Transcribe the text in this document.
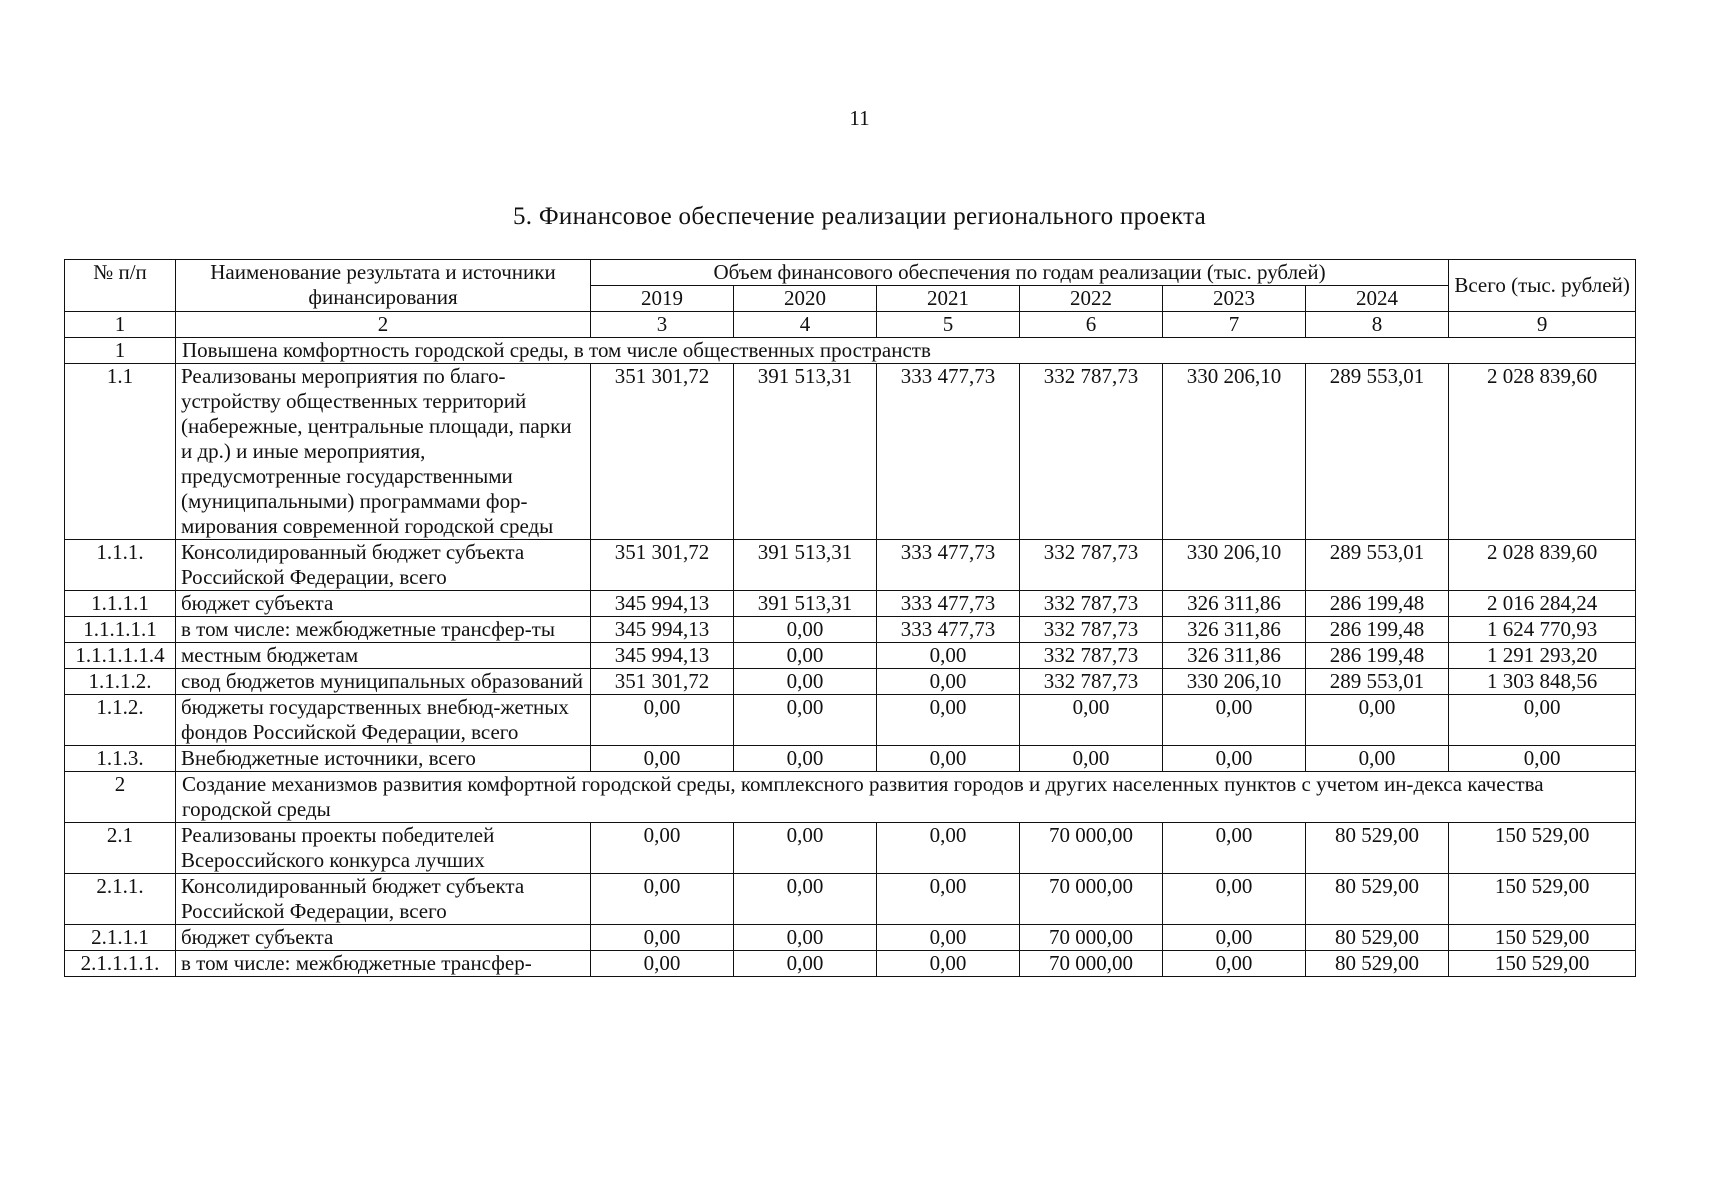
11
5. Финансовое обеспечение реализации регионального проекта
№ п/п	Наименование результата и источники финансирования	Объем финансового обеспечения по годам реализации (тыс. рублей)						Всего (тыс. рублей)
		2019	2020	2021	2022	2023	2024	
1	2	3	4	5	6	7	8	9
1	Повышена комфортность городской среды, в том числе общественных пространств							
1.1	Реализованы мероприятия по благо-устройству общественных территорий (набережные, центральные площади, парки и др.) и иные мероприятия, предусмотренные государственными (муниципальными) программами фор-мирования современной городской среды	351 301,72	391 513,31	333 477,73	332 787,73	330 206,10	289 553,01	2 028 839,60
1.1.1.	Консолидированный бюджет субъекта Российской Федерации, всего	351 301,72	391 513,31	333 477,73	332 787,73	330 206,10	289 553,01	2 028 839,60
1.1.1.1	бюджет субъекта	345 994,13	391 513,31	333 477,73	332 787,73	326 311,86	286 199,48	2 016 284,24
1.1.1.1.1	в том числе: межбюджетные трансфер-ты	345 994,13	0,00	333 477,73	332 787,73	326 311,86	286 199,48	1 624 770,93
1.1.1.1.1.4	местным бюджетам	345 994,13	0,00	0,00	332 787,73	326 311,86	286 199,48	1 291 293,20
1.1.1.2.	свод бюджетов муниципальных образований	351 301,72	0,00	0,00	332 787,73	330 206,10	289 553,01	1 303 848,56
1.1.2.	бюджеты государственных внебюд-жетных фондов Российской Федерации, всего	0,00	0,00	0,00	0,00	0,00	0,00	0,00
1.1.3.	Внебюджетные источники, всего	0,00	0,00	0,00	0,00	0,00	0,00	0,00
2	Создание механизмов развития комфортной городской среды, комплексного развития городов и других населенных пунктов с учетом ин-декса качества городской среды							
2.1	Реализованы проекты победителей Всероссийского конкурса лучших	0,00	0,00	0,00	70 000,00	0,00	80 529,00	150 529,00
2.1.1.	Консолидированный бюджет субъекта Российской Федерации, всего	0,00	0,00	0,00	70 000,00	0,00	80 529,00	150 529,00
2.1.1.1	бюджет субъекта	0,00	0,00	0,00	70 000,00	0,00	80 529,00	150 529,00
2.1.1.1.1.	в том числе: межбюджетные трансфер-	0,00	0,00	0,00	70 000,00	0,00	80 529,00	150 529,00
